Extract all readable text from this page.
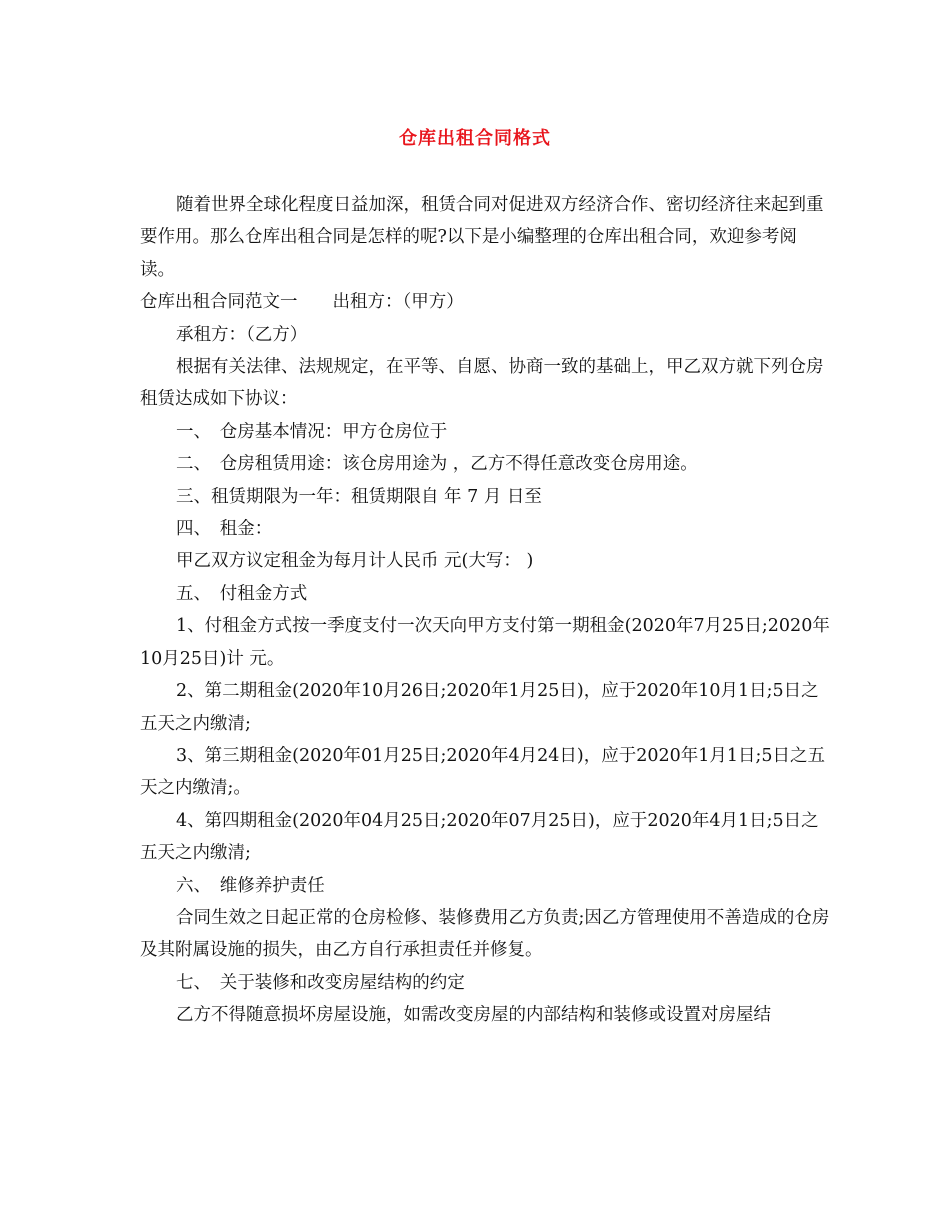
仓库出租合同格式

随着世界全球化程度日益加深，租赁合同对促进双方经济合作、密切经济往来起到重要作用。那么仓库出租合同是怎样的呢?以下是小编整理的仓库出租合同，欢迎参考阅读。

仓库出租合同范文一　　出租方：（甲方）

承租方：（乙方）

根据有关法律、法规规定，在平等、自愿、协商一致的基础上，甲乙双方就下列仓房租赁达成如下协议：

一、　仓房基本情况：甲方仓房位于

二、　仓房租赁用途：该仓房用途为 ，乙方不得任意改变仓房用途。

三、租赁期限为一年：租赁期限自 年 7 月 日至

四、　租金：

甲乙双方议定租金为每月计人民币 元(大写： )

五、　付租金方式

1、付租金方式按一季度支付一次天向甲方支付第一期租金(2020年7月25日;2020年10月25日)计 元。

2、第二期租金(2020年10月26日;2020年1月25日)，应于2020年10月1日;5日之五天之内缴清;

3、第三期租金(2020年01月25日;2020年4月24日)，应于2020年1月1日;5日之五天之内缴清;。

4、第四期租金(2020年04月25日;2020年07月25日)，应于2020年4月1日;5日之五天之内缴清;

六、　维修养护责任

合同生效之日起正常的仓房检修、装修费用乙方负责;因乙方管理使用不善造成的仓房及其附属设施的损失，由乙方自行承担责任并修复。

七、　关于装修和改变房屋结构的约定

乙方不得随意损坏房屋设施，如需改变房屋的内部结构和装修或设置对房屋结
